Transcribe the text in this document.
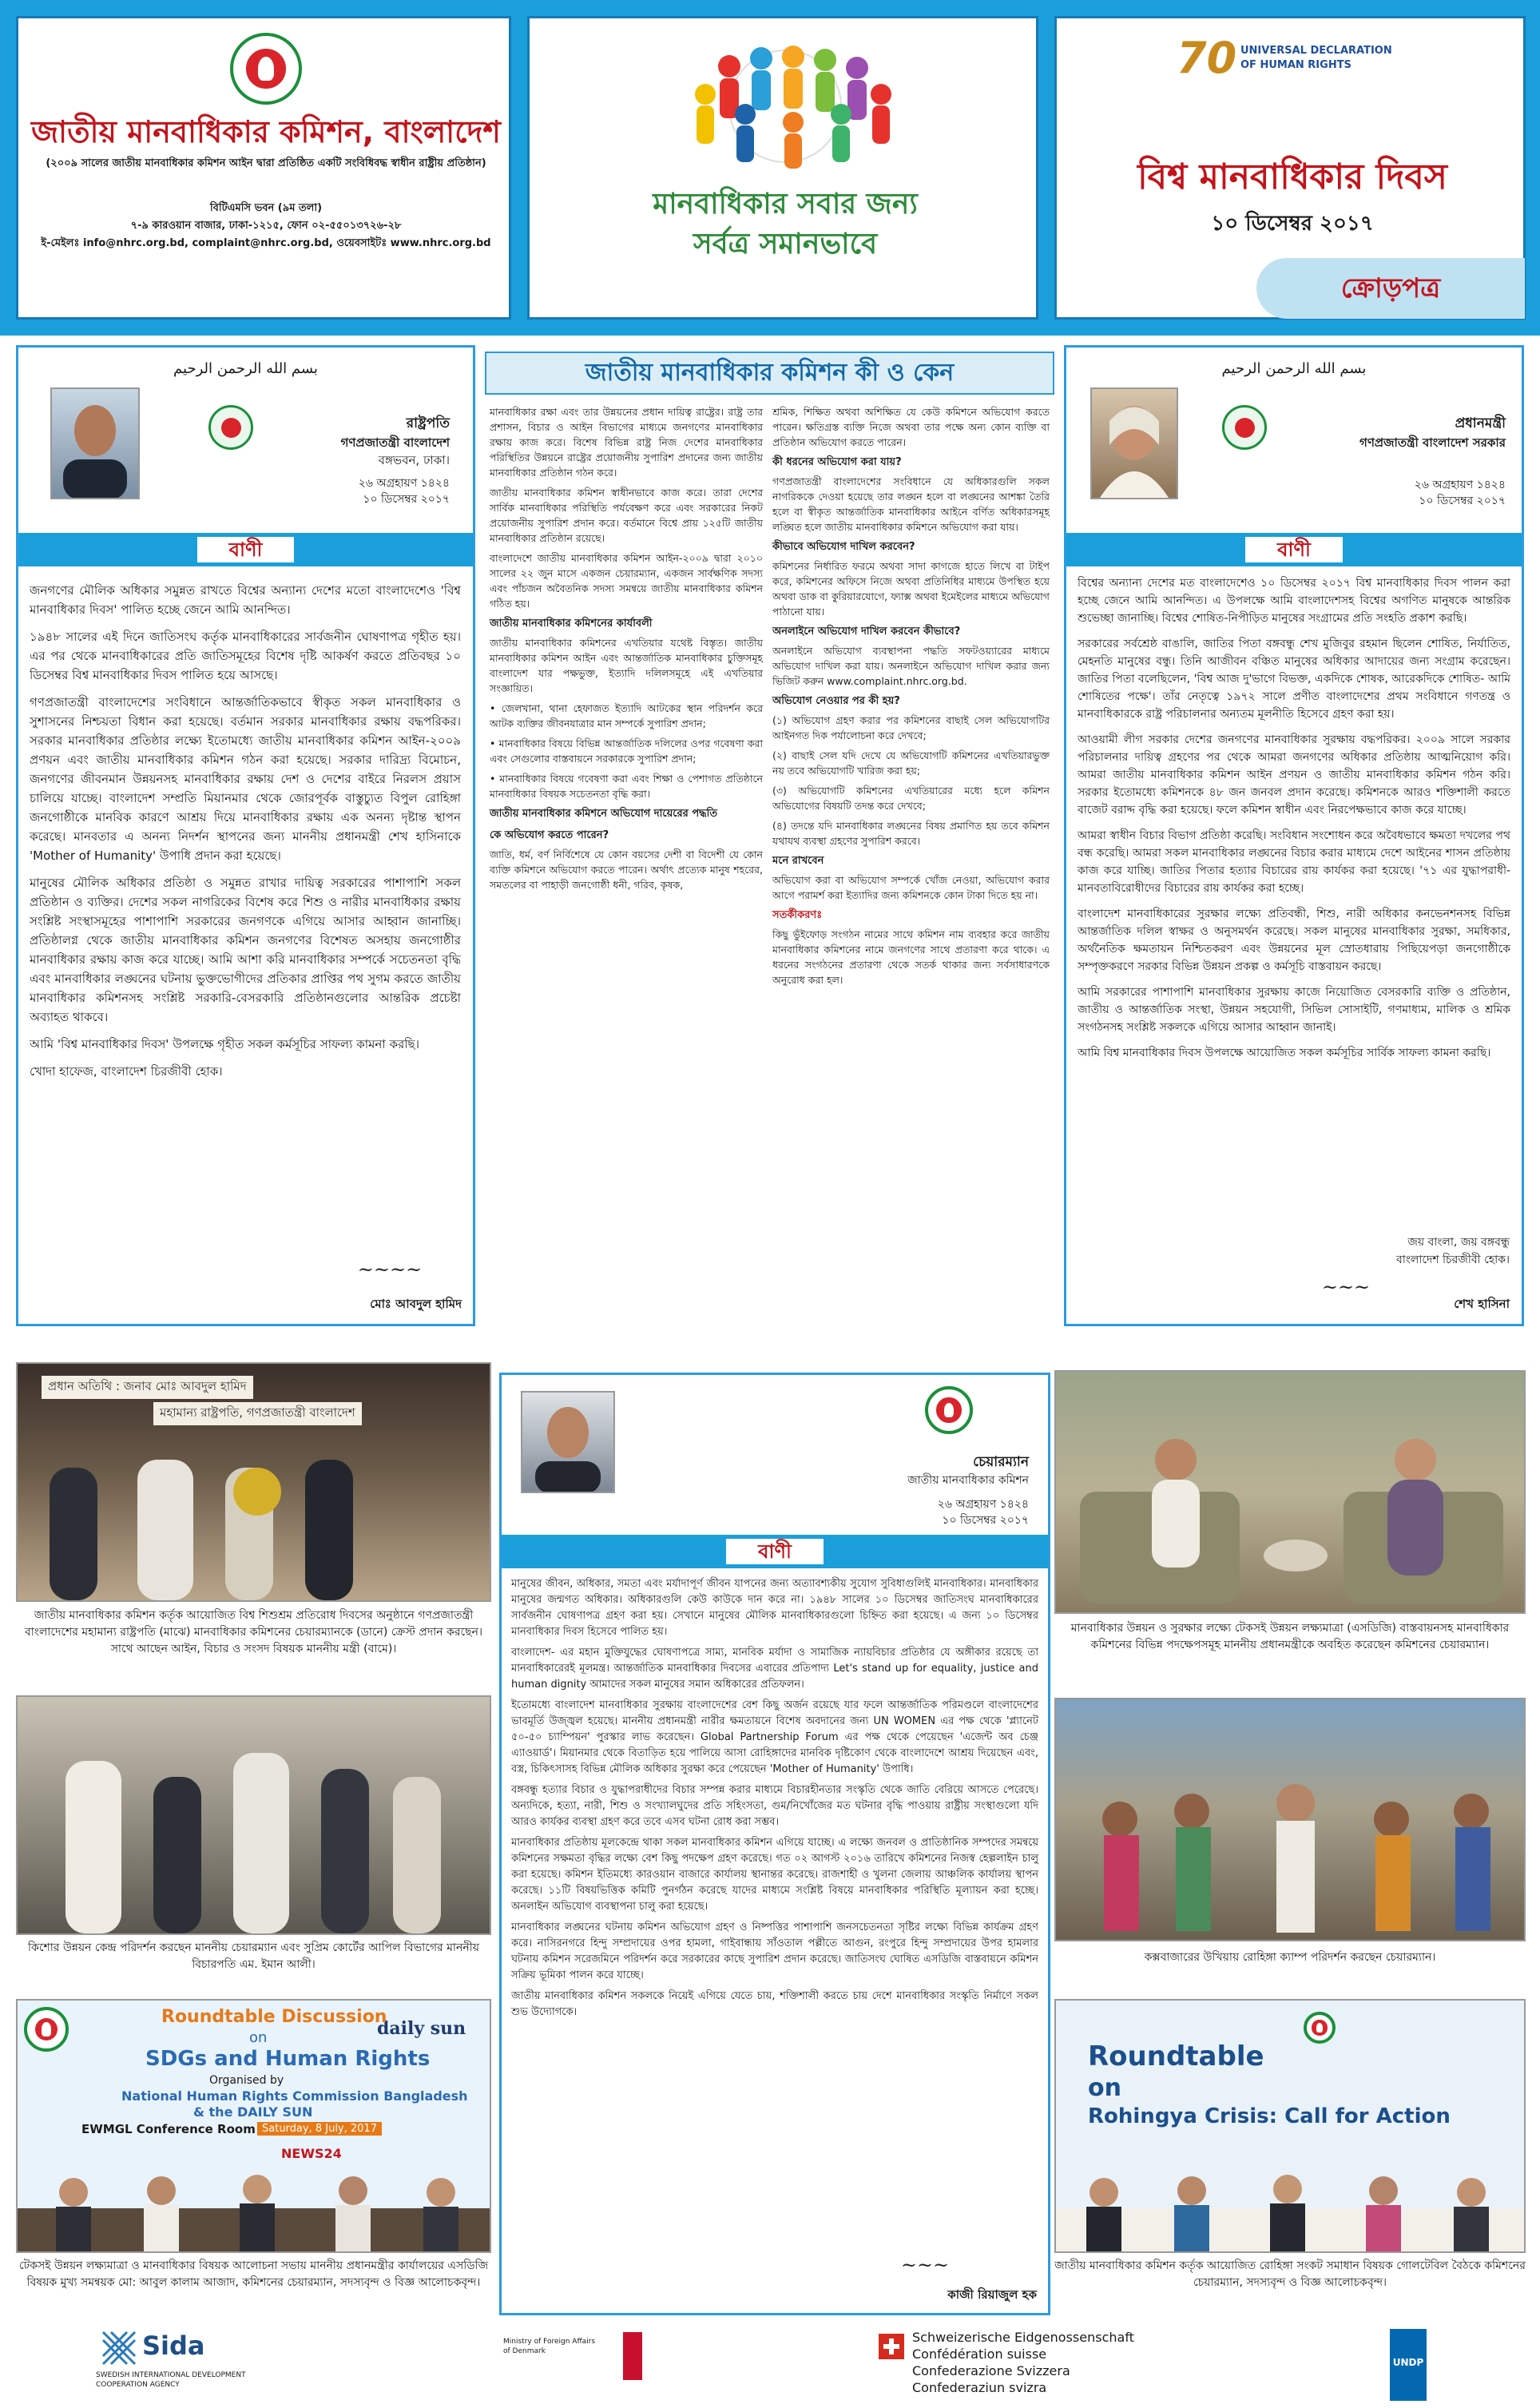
জাতীয় মানবাধিকার কমিশন, বাংলাদেশ
(২০০৯ সালের জাতীয় মানবাধিকার কমিশন আইন দ্বারা প্রতিষ্ঠিত একটি সংবিধিবদ্ধ স্বাধীন রাষ্ট্রীয় প্রতিষ্ঠান)
বিটিএমসি ভবন (৯ম তলা)
৭-৯ কারওয়ান বাজার, ঢাকা-১২১৫, ফোন ০২-৫৫০১৩৭২৬-২৮
ই-মেইলঃ info@nhrc.org.bd, complaint@nhrc.org.bd, ওয়েবসাইটঃ www.nhrc.org.bd
মানবাধিকার সবার জন্য
সর্বত্র সমানভাবে
70 UNIVERSAL DECLARATION OF HUMAN RIGHTS
বিশ্ব মানবাধিকার দিবস
১০ ডিসেম্বর ২০১৭
ক্রোড়পত্র
بسم الله الرحمن الرحيم
রাষ্ট্রপতি
গণপ্রজাতন্ত্রী বাংলাদেশ
বঙ্গভবন, ঢাকা।
২৬ অগ্রহায়ণ ১৪২৪
১০ ডিসেম্বর ২০১৭
বাণী

জনগণের মৌলিক অধিকার সমুন্নত রাখতে বিশ্বের অন্যান্য দেশের মতো বাংলাদেশেও 'বিশ্ব মানবাধিকার দিবস' পালিত হচ্ছে জেনে আমি আনন্দিত।

১৯৪৮ সালের এই দিনে জাতিসংঘ কর্তৃক মানবাধিকারের সার্বজনীন ঘোষণাপত্র গৃহীত হয়। এর পর থেকে মানবাধিকারের প্রতি জাতিসমূহের বিশেষ দৃষ্টি আকর্ষণ করতে প্রতিবছর ১০ ডিসেম্বর বিশ্ব মানবাধিকার দিবস পালিত হয়ে আসছে।

গণপ্রজাতন্ত্রী বাংলাদেশের সংবিধানে আন্তর্জাতিকভাবে স্বীকৃত সকল মানবাধিকার ও সুশাসনের নিশ্চয়তা বিধান করা হয়েছে। বর্তমান সরকার মানবাধিকার রক্ষায় বদ্ধপরিকর। সরকার মানবাধিকার প্রতিষ্ঠার লক্ষ্যে ইতোমধ্যে জাতীয় মানবাধিকার কমিশন আইন-২০০৯ প্রণয়ন এবং জাতীয় মানবাধিকার কমিশন গঠন করা হয়েছে। সরকার দারিদ্র্য বিমোচন, জনগণের জীবনমান উন্নয়নসহ মানবাধিকার রক্ষায় দেশ ও দেশের বাইরে নিরলস প্রয়াস চালিয়ে যাচ্ছে। বাংলাদেশ সম্প্রতি মিয়ানমার থেকে জোরপূর্বক বাস্তুচ্যুত বিপুল রোহিঙ্গা জনগোষ্ঠীকে মানবিক কারণে আশ্রয় দিয়ে মানবাধিকার রক্ষায় এক অনন্য দৃষ্টান্ত স্থাপন করেছে। মানবতার এ অনন্য নিদর্শন স্থাপনের জন্য মাননীয় প্রধানমন্ত্রী শেখ হাসিনাকে 'Mother of Humanity' উপাধি প্রদান করা হয়েছে।

মানুষের মৌলিক অধিকার প্রতিষ্ঠা ও সমুন্নত রাখার দায়িত্ব সরকারের পাশাপাশি সকল প্রতিষ্ঠান ও ব্যক্তির। দেশের সকল নাগরিকের বিশেষ করে শিশু ও নারীর মানবাধিকার রক্ষায় সংশ্লিষ্ট সংস্থাসমূহের পাশাপাশি সরকারের জনগণকে এগিয়ে আসার আহ্বান জানাচ্ছি। প্রতিষ্ঠালগ্ন থেকে জাতীয় মানবাধিকার কমিশন জনগণের বিশেষত অসহায় জনগোষ্ঠীর মানবাধিকার রক্ষায় কাজ করে যাচ্ছে। আমি আশা করি মানবাধিকার সম্পর্কে সচেতনতা বৃদ্ধি এবং মানবাধিকার লঙ্ঘনের ঘটনায় ভুক্তভোগীদের প্রতিকার প্রাপ্তির পথ সুগম করতে জাতীয় মানবাধিকার কমিশনসহ সংশ্লিষ্ট সরকারি-বেসরকারি প্রতিষ্ঠানগুলোর আন্তরিক প্রচেষ্টা অব্যাহত থাকবে।

আমি 'বিশ্ব মানবাধিকার দিবস' উপলক্ষে গৃহীত সকল কর্মসূচির সাফল্য কামনা করছি।

খোদা হাফেজ, বাংলাদেশ চিরজীবী হোক।

~~~~
মোঃ আবদুল হামিদ
জাতীয় মানবাধিকার কমিশন কী ও কেন

মানবাধিকার রক্ষা এবং তার উন্নয়নের প্রধান দায়িত্ব রাষ্ট্রের। রাষ্ট্র তার প্রশাসন, বিচার ও আইন বিভাগের মাধ্যমে জনগণের মানবাধিকার রক্ষায় কাজ করে। বিশেষ বিভিন্ন রাষ্ট্র নিজ দেশের মানবাধিকার পরিস্থিতির উন্নয়নে রাষ্ট্রের প্রয়োজনীয় সুপারিশ প্রদানের জন্য জাতীয় মানবাধিকার প্রতিষ্ঠান গঠন করে।

জাতীয় মানবাধিকার কমিশন স্বাধীনভাবে কাজ করে। তারা দেশের সার্বিক মানবাধিকার পরিস্থিতি পর্যবেক্ষণ করে এবং সরকারের নিকট প্রয়োজনীয় সুপারিশ প্রদান করে। বর্তমানে বিশ্বে প্রায় ১২৫টি জাতীয় মানবাধিকার প্রতিষ্ঠান রয়েছে।

বাংলাদেশে জাতীয় মানবাধিকার কমিশন আইন-২০০৯ দ্বারা ২০১০ সালের ২২ জুন মাসে একজন চেয়ারম্যান, একজন সার্বক্ষণিক সদস্য এবং পাঁচজন অবৈতনিক সদস্য সমন্বয়ে জাতীয় মানবাধিকার কমিশন গঠিত হয়।

জাতীয় মানবাধিকার কমিশনের কার্যাবলী

জাতীয় মানবাধিকার কমিশনের এখতিয়ার যথেষ্ট বিস্তৃত। জাতীয় মানবাধিকার কমিশন আইন এবং আন্তর্জাতিক মানবাধিকার চুক্তিসমূহ বাংলাদেশ যার পক্ষভুক্ত, ইত্যাদি দলিলসমূহে এই এখতিয়ার সংজ্ঞায়িত।

• জেলখানা, থানা হেফাজত ইত্যাদি আটকের স্থান পরিদর্শন করে আটক ব্যক্তির জীবনযাত্রার মান সম্পর্কে সুপারিশ প্রদান;

• মানবাধিকার বিষয়ে বিভিন্ন আন্তর্জাতিক দলিলের ওপর গবেষণা করা এবং সেগুলোর বাস্তবায়নে সরকারকে সুপারিশ প্রদান;

• মানবাধিকার বিষয়ে গবেষণা করা এবং শিক্ষা ও পেশাগত প্রতিষ্ঠানে মানবাধিকার বিষয়ক সচেতনতা বৃদ্ধি করা।

জাতীয় মানবাধিকার কমিশনে অভিযোগ দায়েরের পদ্ধতি
কে অভিযোগ করতে পারেন?

জাতি, ধর্ম, বর্ণ নির্বিশেষে যে কোন বয়সের দেশী বা বিদেশী যে কোন ব্যক্তি কমিশনে অভিযোগ করতে পারেন। অর্থাৎ প্রত্যেক মানুষ শহরের, সমতলের বা পাহাড়ী জনগোষ্ঠী ধনী, গরিব, কৃষক,

শ্রমিক, শিক্ষিত অথবা অশিক্ষিত যে কেউ কমিশনে অভিযোগ করতে পারেন। ক্ষতিগ্রস্ত ব্যক্তি নিজে অথবা তার পক্ষে অন্য কোন ব্যক্তি বা প্রতিষ্ঠান অভিযোগ করতে পারেন।

কী ধরনের অভিযোগ করা যায়?

গণপ্রজাতন্ত্রী বাংলাদেশের সংবিধানে যে অধিকারগুলি সকল নাগরিককে দেওয়া হয়েছে তার লঙ্ঘন হলে বা লঙ্ঘনের আশঙ্কা তৈরি হলে বা স্বীকৃত আন্তর্জাতিক মানবাধিকার আইনে বর্ণিত অধিকারসমূহ লঙ্ঘিত হলে জাতীয় মানবাধিকার কমিশনে অভিযোগ করা যায়।

কীভাবে অভিযোগ দাখিল করবেন?

কমিশনের নির্ধারিত ফরমে অথবা সাদা কাগজে হাতে লিখে বা টাইপ করে, কমিশনের অফিসে নিজে অথবা প্রতিনিধির মাধ্যমে উপস্থিত হয়ে অথবা ডাক বা কুরিয়ারযোগে, ফ্যাক্স অথবা ইমেইলের মাধ্যমে অভিযোগ পাঠানো যায়।

অনলাইনে অভিযোগ দাখিল করবেন কীভাবে?

অনলাইনে অভিযোগ ব্যবস্থাপনা পদ্ধতি সফটওয়্যারের মাধ্যমে অভিযোগ দাখিল করা যায়। অনলাইনে অভিযোগ দাখিল করার জন্য ভিজিট করুন www.complaint.nhrc.org.bd.

অভিযোগ নেওয়ার পর কী হয়?

(১) অভিযোগ গ্রহণ করার পর কমিশনের বাছাই সেল অভিযোগটির আইনগত দিক পর্যালোচনা করে দেখবে;

(২) বাছাই সেল যদি দেখে যে অভিযোগটি কমিশনের এখতিয়ারভুক্ত নয় তবে অভিযোগটি খারিজ করা হয়;

(৩) অভিযোগটি কমিশনের এখতিয়ারের মধ্যে হলে কমিশন অভিযোগের বিষয়টি তদন্ত করে দেখবে;

(৪) তদন্তে যদি মানবাধিকার লঙ্ঘনের বিষয় প্রমাণিত হয় তবে কমিশন যথাযথ ব্যবস্থা গ্রহণের সুপারিশ করবে।

মনে রাখবেন

অভিযোগ করা বা অভিযোগ সম্পর্কে খোঁজ নেওয়া, অভিযোগ করার আগে পরামর্শ করা ইত্যাদির জন্য কমিশনকে কোন টাকা দিতে হয় না।

সতর্কীকরণঃ

কিছু ভুঁইফোড় সংগঠন নামের সাথে কমিশন নাম ব্যবহার করে জাতীয় মানবাধিকার কমিশনের নামে জনগণের সাথে প্রতারণা করে থাকে। এ ধরনের সংগঠনের প্রতারণা থেকে সতর্ক থাকার জন্য সর্বসাধারণকে অনুরোধ করা হল।

بسم الله الرحمن الرحيم
প্রধানমন্ত্রী
গণপ্রজাতন্ত্রী বাংলাদেশ সরকার
২৬ অগ্রহায়ণ ১৪২৪
১০ ডিসেম্বর ২০১৭
বাণী

বিশ্বের অন্যান্য দেশের মত বাংলাদেশেও ১০ ডিসেম্বর ২০১৭ বিশ্ব মানবাধিকার দিবস পালন করা হচ্ছে জেনে আমি আনন্দিত। এ উপলক্ষে আমি বাংলাদেশসহ বিশ্বের অগণিত মানুষকে আন্তরিক শুভেচ্ছা জানাচ্ছি। বিশ্বের শোষিত-নিপীড়িত মানুষের সংগ্রামের প্রতি সংহতি প্রকাশ করছি।

সরকারের সর্বশ্রেষ্ঠ বাঙালি, জাতির পিতা বঙ্গবন্ধু শেখ মুজিবুর রহমান ছিলেন শোষিত, নির্যাতিত, মেহনতি মানুষের বন্ধু। তিনি আজীবন বঞ্চিত মানুষের অধিকার আদায়ের জন্য সংগ্রাম করেছেন। জাতির পিতা বলেছিলেন, 'বিশ্ব আজ দু'ভাগে বিভক্ত, একদিকে শোষক, আরেকদিকে শোষিত- আমি শোষিতের পক্ষে'। তাঁর নেতৃত্বে ১৯৭২ সালে প্রণীত বাংলাদেশের প্রথম সংবিধানে গণতন্ত্র ও মানবাধিকারকে রাষ্ট্র পরিচালনার অন্যতম মূলনীতি হিসেবে গ্রহণ করা হয়।

আওয়ামী লীগ সরকার দেশের জনগণের মানবাধিকার সুরক্ষায় বদ্ধপরিকর। ২০০৯ সালে সরকার পরিচালনার দায়িত্ব গ্রহণের পর থেকে আমরা জনগণের অধিকার প্রতিষ্ঠায় আত্মনিয়োগ করি। আমরা জাতীয় মানবাধিকার কমিশন আইন প্রণয়ন ও জাতীয় মানবাধিকার কমিশন গঠন করি। সরকার ইতোমধ্যে কমিশনকে ৪৮ জন জনবল প্রদান করেছে। কমিশনকে আরও শক্তিশালী করতে বাজেট বরাদ্দ বৃদ্ধি করা হয়েছে। ফলে কমিশন স্বাধীন এবং নিরপেক্ষভাবে কাজ করে যাচ্ছে।

আমরা স্বাধীন বিচার বিভাগ প্রতিষ্ঠা করেছি। সংবিধান সংশোধন করে অবৈধভাবে ক্ষমতা দখলের পথ বন্ধ করেছি। আমরা সকল মানবাধিকার লঙ্ঘনের বিচার করার মাধ্যমে দেশে আইনের শাসন প্রতিষ্ঠায় কাজ করে যাচ্ছি। জাতির পিতার হত্যার বিচারের রায় কার্যকর করা হয়েছে। '৭১ এর যুদ্ধাপরাধী-মানবতাবিরোধীদের বিচারের রায় কার্যকর করা হচ্ছে।

বাংলাদেশ মানবাধিকারের সুরক্ষার লক্ষ্যে প্রতিবন্ধী, শিশু, নারী অধিকার কনভেনশনসহ বিভিন্ন আন্তর্জাতিক দলিল স্বাক্ষর ও অনুসমর্থন করেছে। সকল মানুষের মানবাধিকার সুরক্ষা, সমধিকার, অর্থনৈতিক ক্ষমতায়ন নিশ্চিতকরণ এবং উন্নয়নের মূল স্রোতধারায় পিছিয়েপড়া জনগোষ্ঠীকে সম্পৃক্তকরণে সরকার বিভিন্ন উন্নয়ন প্রকল্প ও কর্মসূচি বাস্তবায়ন করছে।

আমি সরকারের পাশাপাশি মানবাধিকার সুরক্ষায় কাজে নিয়োজিত বেসরকারি ব্যক্তি ও প্রতিষ্ঠান, জাতীয় ও আন্তর্জাতিক সংস্থা, উন্নয়ন সহযোগী, সিভিল সোসাইটি, গণমাধ্যম, মালিক ও শ্রমিক সংগঠনসহ সংশ্লিষ্ট সকলকে এগিয়ে আসার আহ্বান জানাই।

আমি বিশ্ব মানবাধিকার দিবস উপলক্ষে আয়োজিত সকল কর্মসূচির সার্বিক সাফল্য কামনা করছি।

জয় বাংলা, জয় বঙ্গবন্ধু
বাংলাদেশ চিরজীবী হোক।
~~~
শেখ হাসিনা
প্রধান অতিথি : জনাব মোঃ আবদুল হামিদ
মহামান্য রাষ্ট্রপতি, গণপ্রজাতন্ত্রী বাংলাদেশ
জাতীয় মানবাধিকার কমিশন কর্তৃক আয়োজিত বিশ্ব শিশুশ্রম প্রতিরোধ দিবসের অনুষ্ঠানে গণপ্রজাতন্ত্রী বাংলাদেশের মহামান্য রাষ্ট্রপতি (মাঝে) মানবাধিকার কমিশনের চেয়ারম্যানকে (ডানে) ক্রেস্ট প্রদান করছেন। সাথে আছেন আইন, বিচার ও সংসদ বিষয়ক মাননীয় মন্ত্রী (বামে)।
কিশোর উন্নয়ন কেন্দ্র পরিদর্শন করছেন মাননীয় চেয়ারম্যান এবং সুপ্রিম কোর্টের আপিল বিভাগের মাননীয় বিচারপতি এম. ইমান আলী।
daily sun
Roundtable Discussion
on
SDGs and Human Rights
Organised by
National Human Rights Commission Bangladesh
& the DAILY SUN
EWMGL Conference Room Saturday, 8 July, 2017
NEWS24
টেকসই উন্নয়ন লক্ষ্যমাত্রা ও মানবাধিকার বিষয়ক আলোচনা সভায় মাননীয় প্রধানমন্ত্রীর কার্যালয়ের এসডিজি বিষয়ক মুখ্য সমন্বয়ক মো: আবুল কালাম আজাদ, কমিশনের চেয়ারম্যান, সদস্যবৃন্দ ও বিজ্ঞ আলোচকবৃন্দ।
চেয়ারম্যান
জাতীয় মানবাধিকার কমিশন
২৬ অগ্রহায়ণ ১৪২৪
১০ ডিসেম্বর ২০১৭
বাণী

মানুষের জীবন, অধিকার, সমতা এবং মর্যাদাপূর্ণ জীবন যাপনের জন্য অত্যাবশ্যকীয় সুযোগ সুবিধাগুলিই মানবাধিকার। মানবাধিকার মানুষের জন্মগত অধিকার। অধিকারগুলি কেউ কাউকে দান করে না। ১৯৪৮ সালের ১০ ডিসেম্বর জাতিসংঘ মানবাধিকারের সার্বজনীন ঘোষণাপত্র গ্রহণ করা হয়। সেখানে মানুষের মৌলিক মানবাধিকারগুলো চিহ্নিত করা হয়েছে। এ জন্য ১০ ডিসেম্বর মানবাধিকার দিবস হিসেবে পালিত হয়।

বাংলাদেশ- এর মহান মুক্তিযুদ্ধের ঘোষণাপত্রে সাম্য, মানবিক মর্যাদা ও সামাজিক ন্যায়বিচার প্রতিষ্ঠার যে অঙ্গীকার রয়েছে তা মানবাধিকারেরই মূলমন্ত্র। আন্তর্জাতিক মানবাধিকার দিবসের এবারের প্রতিপাদ্য Let's stand up for equality, justice and human dignity আমাদের সকল মানুষের সমান অধিকারের প্রতিফলন।

ইতোমধ্যে বাংলাদেশ মানবাধিকার সুরক্ষায় বাংলাদেশের বেশ কিছু অর্জন রয়েছে যার ফলে আন্তর্জাতিক পরিমণ্ডলে বাংলাদেশের ভাবমূর্তি উজ্জ্বল হয়েছে। মাননীয় প্রধানমন্ত্রী নারীর ক্ষমতায়নে বিশেষ অবদানের জন্য UN WOMEN এর পক্ষ থেকে 'প্ল্যানেট ৫০-৫০ চ্যাম্পিয়ন' পুরস্কার লাভ করেছেন। Global Partnership Forum এর পক্ষ থেকে পেয়েছেন 'এজেন্ট অব চেঞ্জ এ্যাওয়ার্ড'। মিয়ানমার থেকে বিতাড়িত হয়ে পালিয়ে আসা রোহিঙ্গাদের মানবিক দৃষ্টিকোণ থেকে বাংলাদেশে আশ্রয় দিয়েছেন এবং, বস্ত্র, চিকিৎসাসহ বিভিন্ন মৌলিক অধিকার সুরক্ষা করে পেয়েছেন 'Mother of Humanity' উপাধি।

বঙ্গবন্ধু হত্যার বিচার ও যুদ্ধাপরাধীদের বিচার সম্পন্ন করার মাধ্যমে বিচারহীনতার সংস্কৃতি থেকে জাতি বেরিয়ে আসতে পেরেছে। অন্যদিকে, হত্যা, নারী, শিশু ও সংখ্যালঘুদের প্রতি সহিংসতা, গুম/নিখোঁজের মত ঘটনার বৃদ্ধি পাওয়ায় রাষ্ট্রীয় সংস্থাগুলো যদি আরও কার্যকর ব্যবস্থা গ্রহণ করে তবে এসব ঘটনা রোধ করা সম্ভব।

মানবাধিকার প্রতিষ্ঠায় মূলকেন্দ্রে থাকা সকল মানবাধিকার কমিশন এগিয়ে যাচ্ছে। এ লক্ষ্যে জনবল ও প্রাতিষ্ঠানিক সম্পদের সমন্বয়ে কমিশনের সক্ষমতা বৃদ্ধির লক্ষ্যে বেশ কিছু পদক্ষেপ গ্রহণ করেছে। গত ০২ আগস্ট ২০১৬ তারিখে কমিশনের নিজস্ব হেল্পলাইন চালু করা হয়েছে। কমিশন ইতিমধ্যে কারওয়ান বাজারে কার্যালয় স্থানান্তর করেছে। রাজশাহী ও খুলনা জেলায় আঞ্চলিক কার্যালয় স্থাপন করেছে। ১১টি বিষয়ভিত্তিক কমিটি পুনর্গঠন করেছে যাদের মাধ্যমে সংশ্লিষ্ট বিষয়ে মানবাধিকার পরিস্থিতি মূল্যায়ন করা হচ্ছে। অনলাইন অভিযোগ ব্যবস্থাপনা চালু করা হয়েছে।

মানবাধিকার লঙ্ঘনের ঘটনায় কমিশন অভিযোগ গ্রহণ ও নিষ্পত্তির পাশাপাশি জনসচেতনতা সৃষ্টির লক্ষ্যে বিভিন্ন কার্যক্রম গ্রহণ করে। নাসিরনগরে হিন্দু সম্প্রদায়ের ওপর হামলা, গাইবান্ধায় সাঁওতাল পল্লীতে আগুন, রংপুরে হিন্দু সম্প্রদায়ের উপর হামলার ঘটনায় কমিশন সরেজমিনে পরিদর্শন করে সরকারের কাছে সুপারিশ প্রদান করেছে। জাতিসংঘ ঘোষিত এসডিজি বাস্তবায়নে কমিশন সক্রিয় ভূমিকা পালন করে যাচ্ছে।

জাতীয় মানবাধিকার কমিশন সকলকে নিয়েই এগিয়ে যেতে চায়, শক্তিশালী করতে চায় দেশে মানবাধিকার সংস্কৃতি নির্মাণে সকল শুভ উদ্যোগকে।

~~~
কাজী রিয়াজুল হক
মানবাধিকার উন্নয়ন ও সুরক্ষার লক্ষ্যে টেকসই উন্নয়ন লক্ষ্যমাত্রা (এসডিজি) বাস্তবায়নসহ মানবাধিকার কমিশনের বিভিন্ন পদক্ষেপসমূহ মাননীয় প্রধানমন্ত্রীকে অবহিত করেছেন কমিশনের চেয়ারম্যান।
কক্সবাজারের উখিয়ায় রোহিঙ্গা ক্যাম্প পরিদর্শন করছেন চেয়ারম্যান।
Roundtable
on
Rohingya Crisis: Call for Action
জাতীয় মানবাধিকার কমিশন কর্তৃক আয়োজিত রোহিঙ্গা সংকট সমাধান বিষয়ক গোলটেবিল বৈঠকে কমিশনের চেয়ারম্যান, সদস্যবৃন্দ ও বিজ্ঞ আলোচকবৃন্দ।
Sida
SWEDISH INTERNATIONAL DEVELOPMENT COOPERATION AGENCY
Ministry of Foreign Affairs of Denmark
Schweizerische Eidgenossenschaft
Confédération suisse
Confederazione Svizzera
Confederaziun svizra
UNDP
